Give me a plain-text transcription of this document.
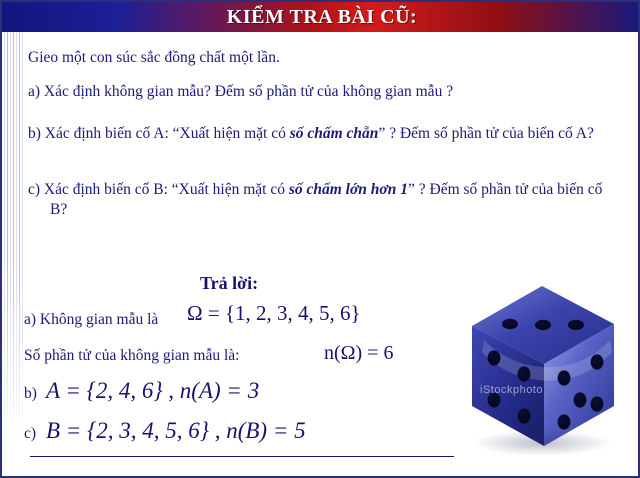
KIỂM TRA BÀI CŨ:
Gieo một con súc sắc đồng chất một lần.
a) Xác định không gian mẫu? Đếm số phần tử của không gian mẫu ?
b) Xác định biến cố A: “Xuất hiện mặt có số chấm chẵn” ? Đếm số phần tử của biến cố A?
c) Xác định biến cố B: “Xuất hiện mặt có số chấm lớn hơn 1” ? Đếm số phần tử của biến cố B?
Trả lời:
a) Không gian mẫu là Ω = {1, 2, 3, 4, 5, 6}
Số phần tử của không gian mẫu là:	n(Ω) = 6
b) A = {2, 4, 6} , n(A) = 3
c) B = {2, 3, 4, 5, 6} , n(B) = 5
iStockphoto
